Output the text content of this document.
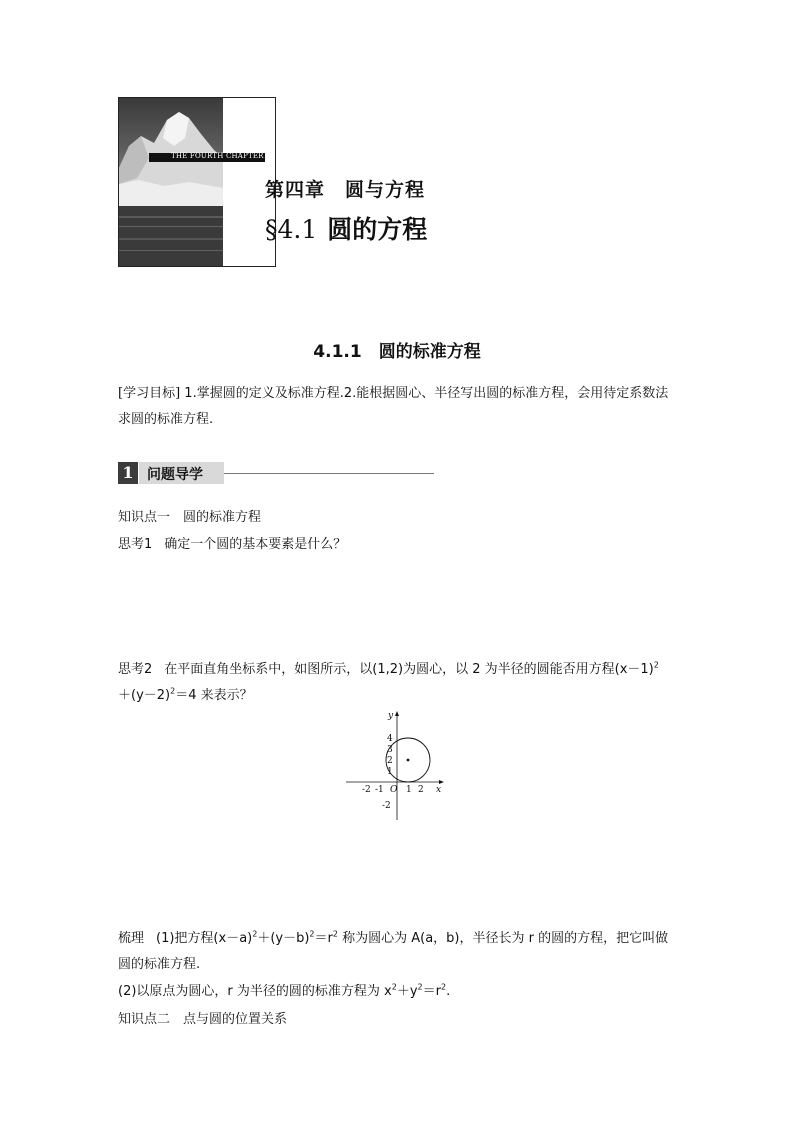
THE FOURTH CHAPTER
第四章　圆与方程
§4.1 圆的方程
4.1.1　圆的标准方程
[学习目标] 1.掌握圆的定义及标准方程.2.能根据圆心、半径写出圆的标准方程，会用待定系数法求圆的标准方程.
1 问题导学
知识点一　圆的标准方程
思考1 确定一个圆的基本要素是什么？
思考2 在平面直角坐标系中，如图所示，以(1,2)为圆心，以 2 为半径的圆能否用方程$(x-1)^2$
$+(y-2)^2=4$ 来表示？
y
x
O
4
3
2
1
-2
-2 -1 1 2
梳理 (1)把方程$(x-a)^2+(y-b)^2=r^2$ 称为圆心为 A(a，b)，半径长为 r 的圆的方程，把它叫做
圆的标准方程.
(2)以原点为圆心，r 为半径的圆的标准方程为 $x^2+y^2=r^2$.
知识点二　点与圆的位置关系
